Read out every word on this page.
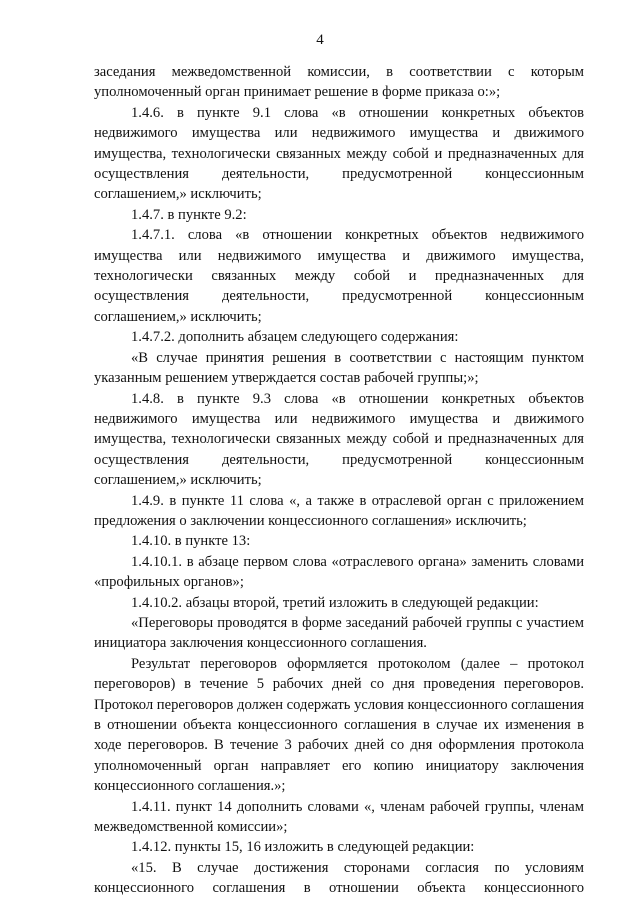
4

заседания межведомственной комиссии, в соответствии с которым уполномоченный орган принимает решение в форме приказа о:»;

1.4.6. в пункте 9.1 слова «в отношении конкретных объектов недвижимого имущества или недвижимого имущества и движимого имущества, технологически связанных между собой и предназначенных для осуществления деятельности, предусмотренной концессионным соглашением,» исключить;

1.4.7. в пункте 9.2:

1.4.7.1. слова «в отношении конкретных объектов недвижимого имущества или недвижимого имущества и движимого имущества, технологически связанных между собой и предназначенных для осуществления деятельности, предусмотренной концессионным соглашением,» исключить;

1.4.7.2. дополнить абзацем следующего содержания:

«В случае принятия решения в соответствии с настоящим пунктом указанным решением утверждается состав рабочей группы;»;

1.4.8. в пункте 9.3 слова «в отношении конкретных объектов недвижимого имущества или недвижимого имущества и движимого имущества, технологически связанных между собой и предназначенных для осуществления деятельности, предусмотренной концессионным соглашением,» исключить;

1.4.9. в пункте 11 слова «, а также в отраслевой орган с приложением предложения о заключении концессионного соглашения» исключить;

1.4.10. в пункте 13:

1.4.10.1. в абзаце первом слова «отраслевого органа» заменить словами «профильных органов»;

1.4.10.2. абзацы второй, третий изложить в следующей редакции:

«Переговоры проводятся в форме заседаний рабочей группы с участием инициатора заключения концессионного соглашения.

Результат переговоров оформляется протоколом (далее – протокол переговоров) в течение 5 рабочих дней со дня проведения переговоров. Протокол переговоров должен содержать условия концессионного соглашения в отношении объекта концессионного соглашения в случае их изменения в ходе переговоров. В течение 3 рабочих дней со дня оформления протокола уполномоченный орган направляет его копию инициатору заключения концессионного соглашения.»;

1.4.11. пункт 14 дополнить словами «, членам рабочей группы, членам межведомственной комиссии»;

1.4.12. пункты 15, 16 изложить в следующей редакции:

«15. В случае достижения сторонами согласия по условиям концессионного соглашения в отношении объекта концессионного
